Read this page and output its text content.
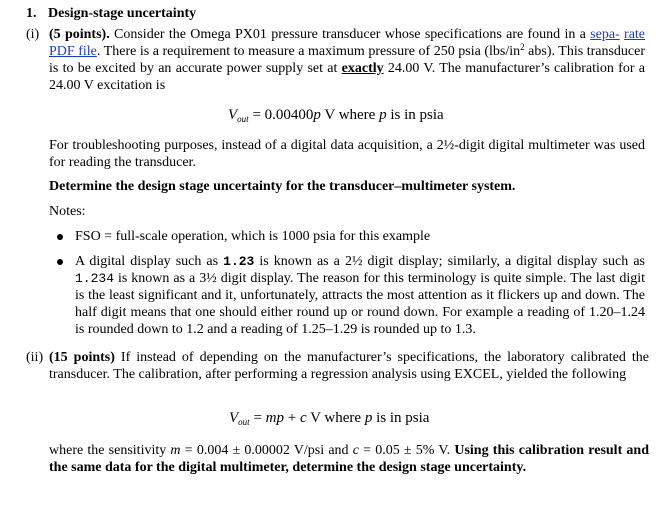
1. Design-stage uncertainty
(i) (5 points). Consider the Omega PX01 pressure transducer whose specifications are found in a sepa- rate PDF file. There is a requirement to measure a maximum pressure of 250 psia ($lbs/in^2$ abs). This transducer is to be excited by an accurate power supply set at exactly 24.00 V. The manufacturer’s calibration for a 24.00 V excitation is
$V_{out} = 0.00400p$ V where p is in psia
For troubleshooting purposes, instead of a digital data acquisition, a 2½-digit digital multimeter was used for reading the transducer.
Determine the design stage uncertainty for the transducer–multimeter system.
Notes:
FSO = full-scale operation, which is 1000 psia for this example
A digital display such as 1.23 is known as a 2½ digit display; similarly, a digital display such as 1.234 is known as a 3½ digit display. The reason for this terminology is quite simple. The last digit is the least significant and it, unfortunately, attracts the most attention as it flickers up and down. The half digit means that one should either round up or round down. For example a reading of 1.20–1.24 is rounded down to 1.2 and a reading of 1.25–1.29 is rounded up to 1.3.
(ii) (15 points) If instead of depending on the manufacturer’s specifications, the laboratory calibrated the transducer. The calibration, after performing a regression analysis using EXCEL, yielded the following
$V_{out}$ = mp + c V where p is in psia
where the sensitivity m = 0.004 ± 0.00002 V/psi and c = 0.05 ± 5% V. Using this calibration result and the same data for the digital multimeter, determine the design stage uncertainty.
